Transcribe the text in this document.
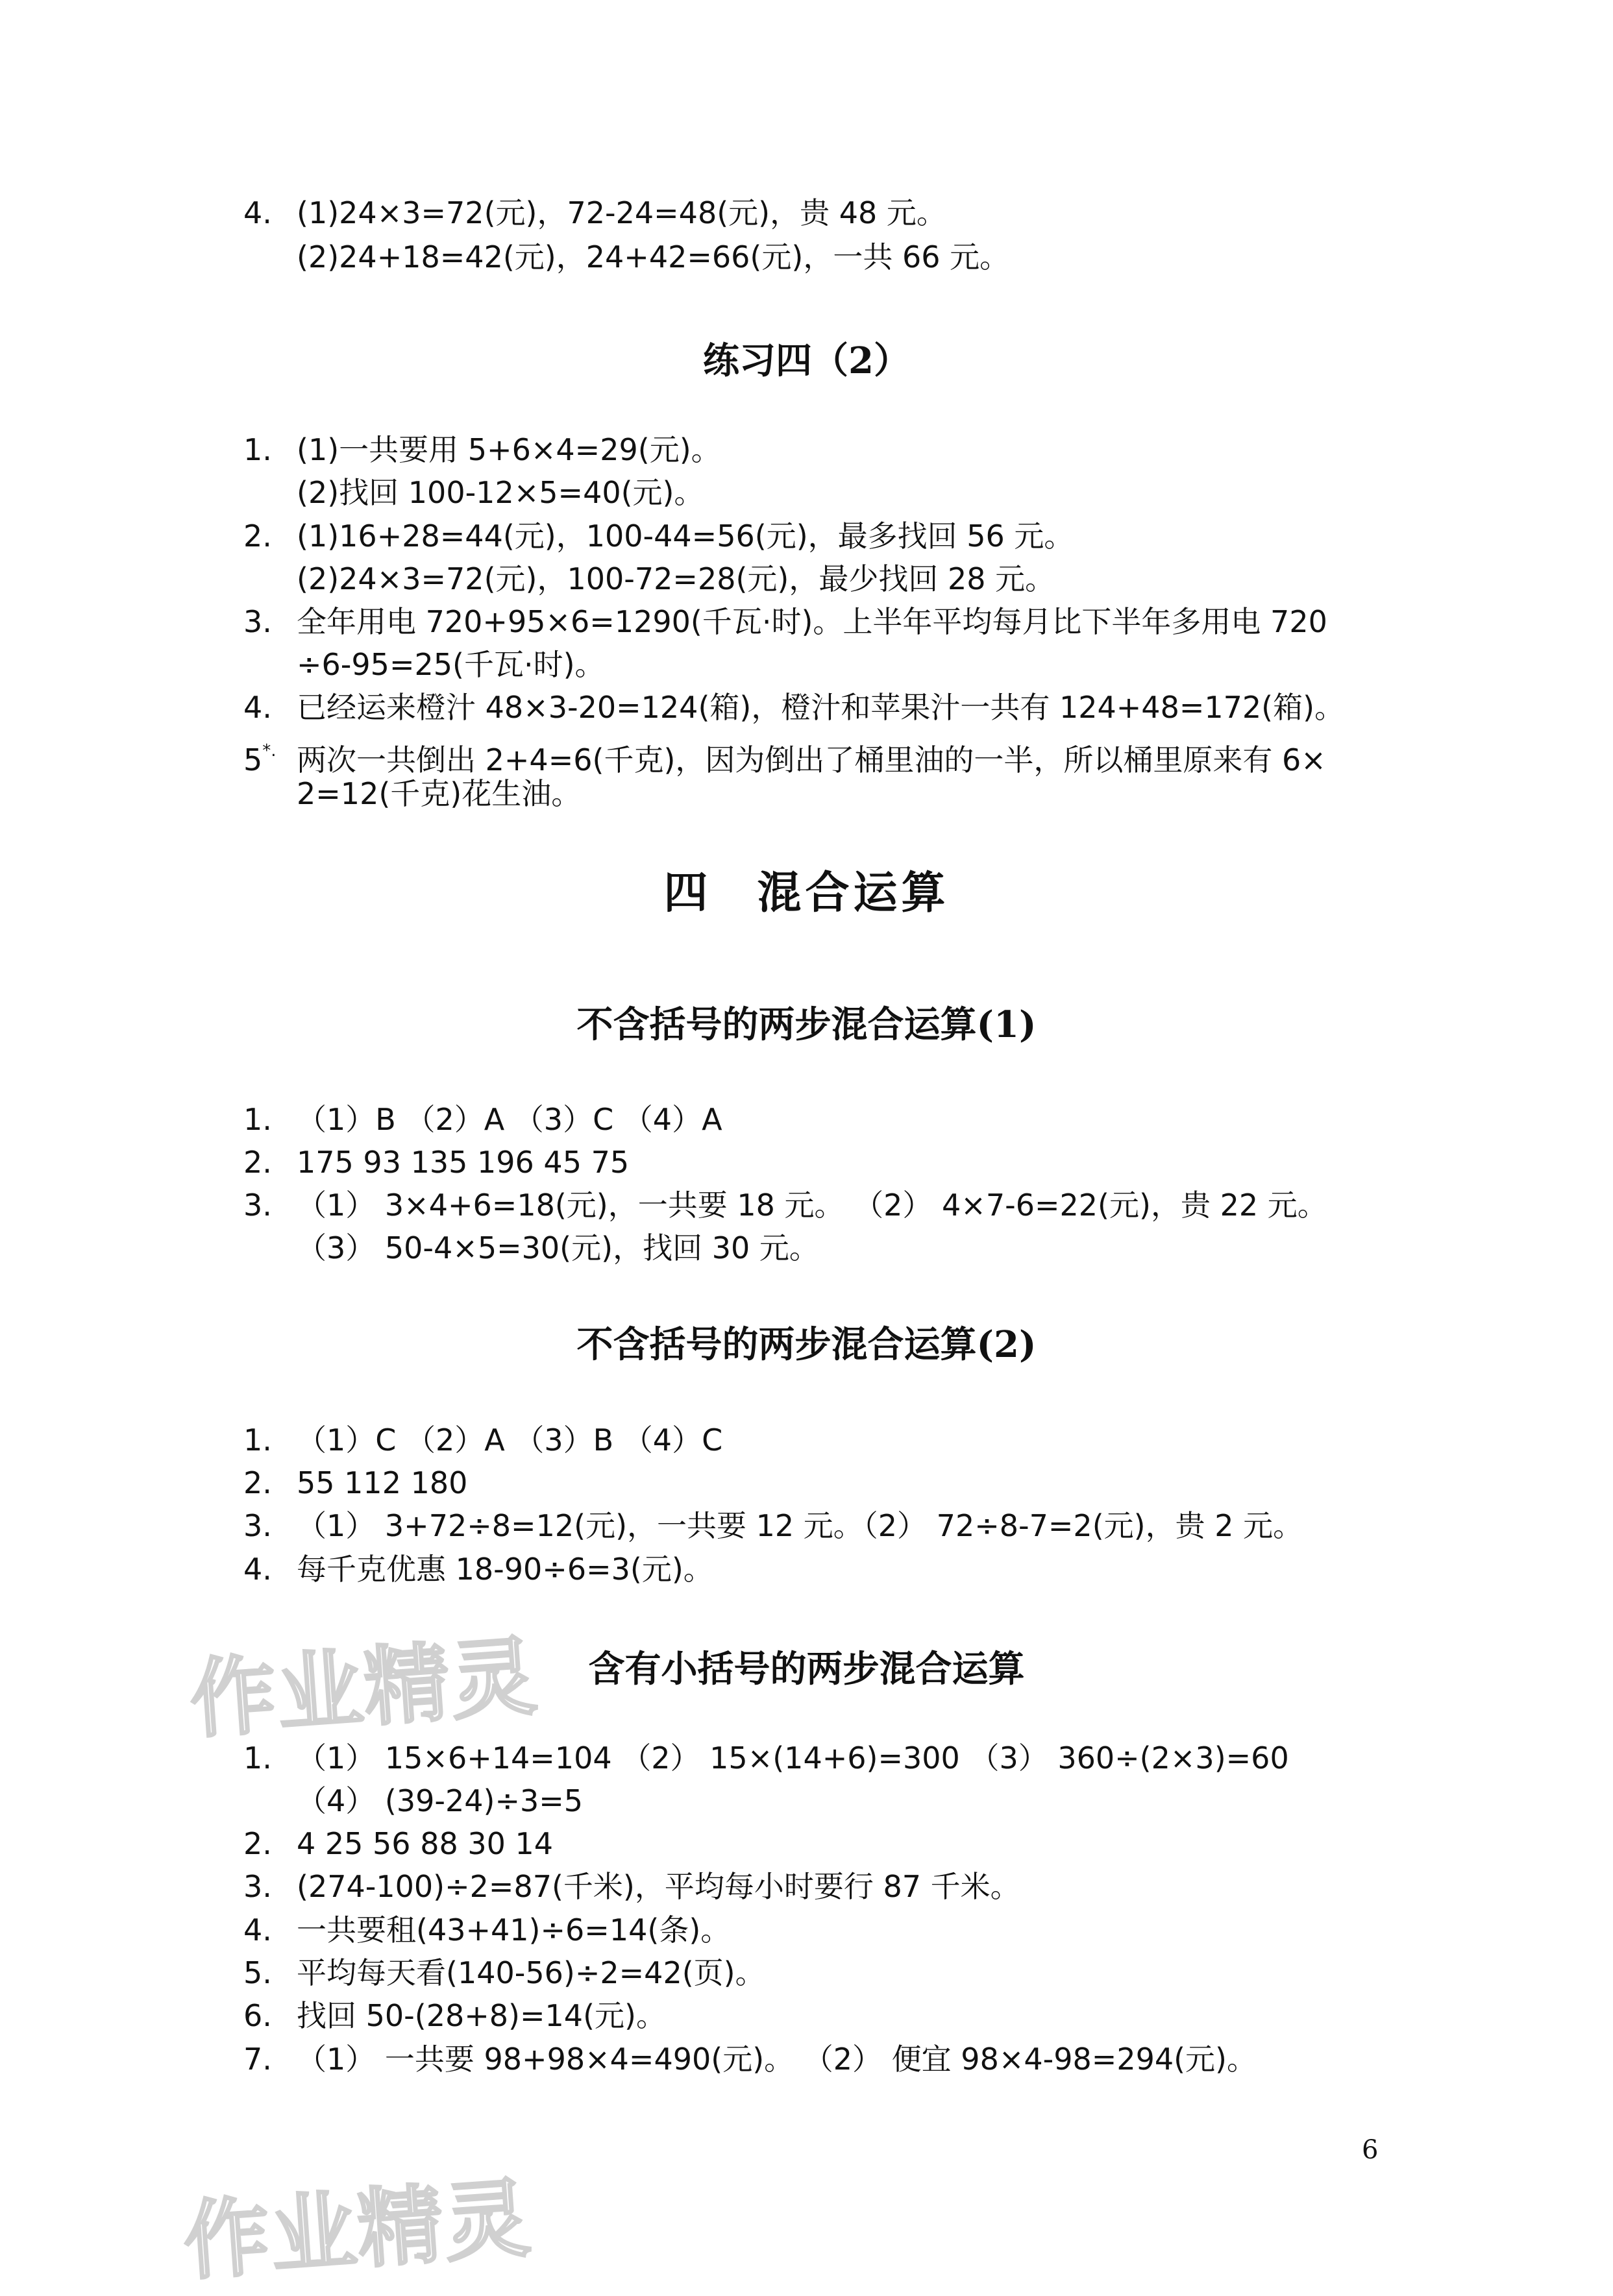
4. (1)24×3=72(元)，72-24=48(元)，贵 48 元。
(2)24+18=42(元)，24+42=66(元)，一共 66 元。
练习四（2）
1. (1)一共要用 5+6×4=29(元)。
(2)找回 100-12×5=40(元)。
2. (1)16+28=44(元)，100-44=56(元)，最多找回 56 元。
(2)24×3=72(元)，100-72=28(元)，最少找回 28 元。
3. 全年用电 720+95×6=1290(千瓦·时)。上半年平均每月比下半年多用电 720
÷6-95=25(千瓦·时)。
4. 已经运来橙汁 48×3-20=124(箱)，橙汁和苹果汁一共有 124+48=172(箱)。
5*. 两次一共倒出 2+4=6(千克)，因为倒出了桶里油的一半，所以桶里原来有 6×
2=12(千克)花生油。
四 混合运算
不含括号的两步混合运算(1)
1. （1）B （2）A （3）C （4）A
2. 175 93 135 196 45 75
3. （1） 3×4+6=18(元)，一共要 18 元。 （2） 4×7-6=22(元)，贵 22 元。
（3） 50-4×5=30(元)，找回 30 元。
不含括号的两步混合运算(2)
1. （1）C （2）A （3）B （4）C
2. 55 112 180
3. （1） 3+72÷8=12(元)，一共要 12 元。（2） 72÷8-7=2(元)，贵 2 元。
4. 每千克优惠 18-90÷6=3(元)。
作业精灵	含有小括号的两步混合运算
1. （1） 15×6+14=104 （2） 15×(14+6)=300 （3） 360÷(2×3)=60
（4） (39-24)÷3=5
2. 4 25 56 88 30 14
3. (274-100)÷2=87(千米)，平均每小时要行 87 千米。
4. 一共要租(43+41)÷6=14(条)。
5. 平均每天看(140-56)÷2=42(页)。
6. 找回 50-(28+8)=14(元)。
7. （1） 一共要 98+98×4=490(元)。 （2） 便宜 98×4-98=294(元)。
6
作业精灵
